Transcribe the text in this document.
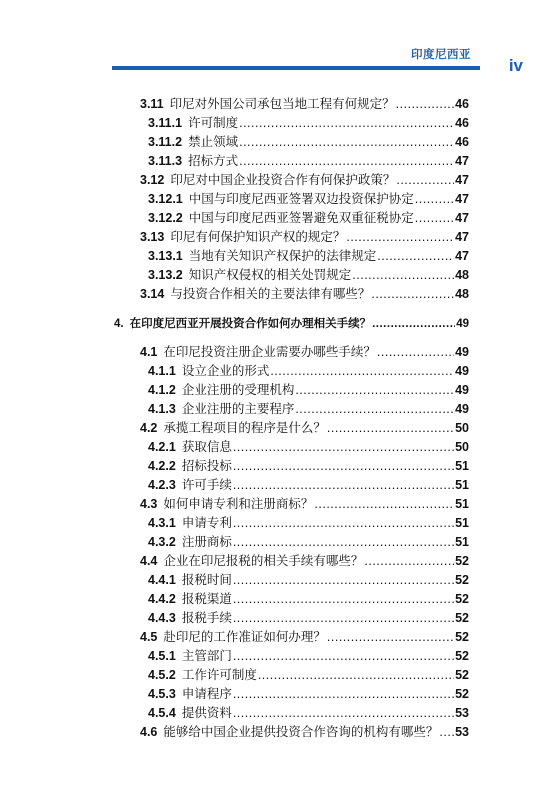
印度尼西亚
iv
3.11 印尼对外国公司承包当地工程有何规定？ .....	46
3.11.1 许可制度 .....	46
3.11.2 禁止领域 .....	46
3.11.3 招标方式 .....	47
3.12 印尼对中国企业投资合作有何保护政策？ .....	47
3.12.1 中国与印度尼西亚签署双边投资保护协定 .....	47
3.12.2 中国与印度尼西亚签署避免双重征税协定 .....	47
3.13 印尼有何保护知识产权的规定？ .....	47
3.13.1 当地有关知识产权保护的法律规定 .....	47
3.13.2 知识产权侵权的相关处罚规定 .....	48
3.14 与投资合作相关的主要法律有哪些？ .....	48
4. 在印度尼西亚开展投资合作如何办理相关手续？ .....	49
4.1 在印尼投资注册企业需要办哪些手续？ .....	49
4.1.1 设立企业的形式 .....	49
4.1.2 企业注册的受理机构 .....	49
4.1.3 企业注册的主要程序 .....	49
4.2 承揽工程项目的程序是什么？ .....	50
4.2.1 获取信息 .....	50
4.2.2 招标投标 .....	51
4.2.3 许可手续 .....	51
4.3 如何申请专利和注册商标？ .....	51
4.3.1 申请专利 .....	51
4.3.2 注册商标 .....	51
4.4 企业在印尼报税的相关手续有哪些？ .....	52
4.4.1 报税时间 .....	52
4.4.2 报税渠道 .....	52
4.4.3 报税手续 .....	52
4.5 赴印尼的工作准证如何办理？ .....	52
4.5.1 主管部门 .....	52
4.5.2 工作许可制度 .....	52
4.5.3 申请程序 .....	52
4.5.4 提供资料 .....	53
4.6 能够给中国企业提供投资合作咨询的机构有哪些？ ..... 53
